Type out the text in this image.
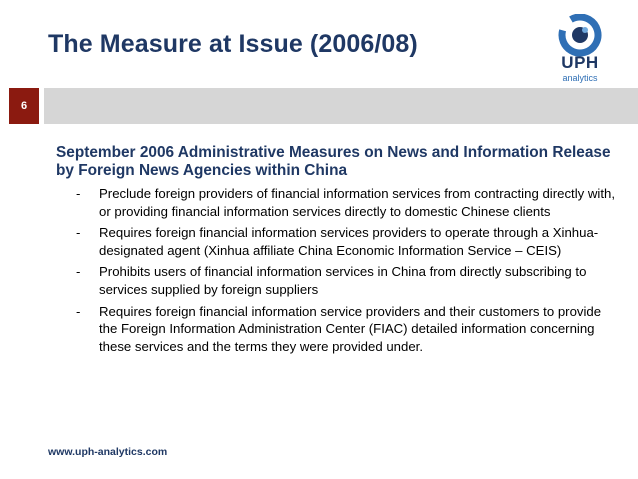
The Measure at Issue (2006/08)
UPH
analytics
6
September 2006 Administrative Measures on News and Information Release by Foreign News Agencies within China
- Preclude foreign providers of financial information services from contracting directly with, or providing financial information services directly to domestic Chinese clients
- Requires foreign financial information services providers to operate through a Xinhua-designated agent (Xinhua affiliate China Economic Information Service – CEIS)
- Prohibits users of financial information services in China from directly subscribing to services supplied by foreign suppliers
- Requires foreign financial information service providers and their customers to provide the Foreign Information Administration Center (FIAC) detailed information concerning these services and the terms they were provided under.
www.uph-analytics.com
